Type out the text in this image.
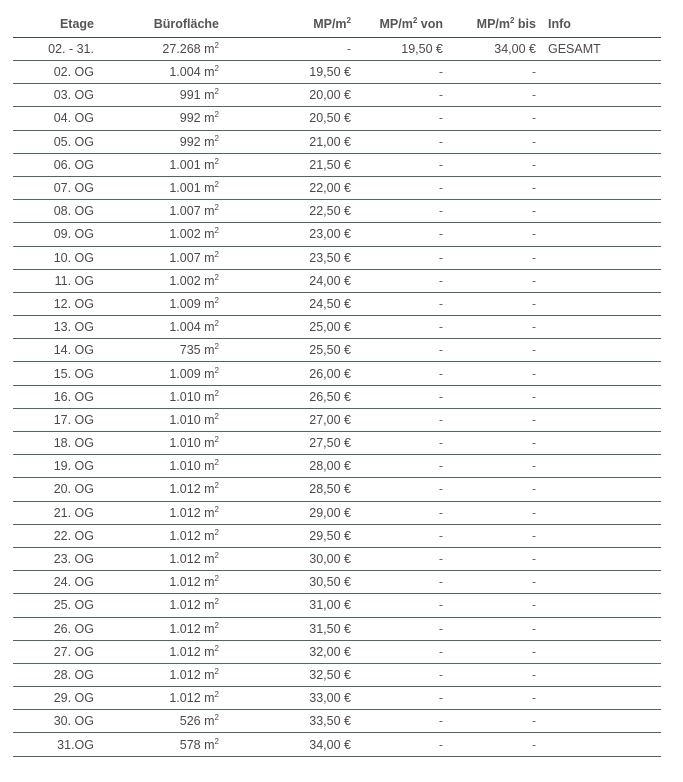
Etage	Bürofläche	$MP/m^2$	$MP/m^2$ von	$MP/m^2$ bis	Info
02. - 31.	27.268 $m^2$	-	19,50 €	34,00 €	GESAMT
02. OG	1.004 $m^2$	19,50 €	-	-	
03. OG	991 $m^2$	20,00 €	-	-	
04. OG	992 $m^2$	20,50 €	-	-	
05. OG	992 $m^2$	21,00 €	-	-	
06. OG	1.001 $m^2$	21,50 €	-	-	
07. OG	1.001 $m^2$	22,00 €	-	-	
08. OG	1.007 $m^2$	22,50 €	-	-	
09. OG	1.002 $m^2$	23,00 €	-	-	
10. OG	1.007 $m^2$	23,50 €	-	-	
11. OG	1.002 $m^2$	24,00 €	-	-	
12. OG	1.009 $m^2$	24,50 €	-	-	
13. OG	1.004 $m^2$	25,00 €	-	-	
14. OG	735 $m^2$	25,50 €	-	-	
15. OG	1.009 $m^2$	26,00 €	-	-	
16. OG	1.010 $m^2$	26,50 €	-	-	
17. OG	1.010 $m^2$	27,00 €	-	-	
18. OG	1.010 $m^2$	27,50 €	-	-	
19. OG	1.010 $m^2$	28,00 €	-	-	
20. OG	1.012 $m^2$	28,50 €	-	-	
21. OG	1.012 $m^2$	29,00 €	-	-	
22. OG	1.012 $m^2$	29,50 €	-	-	
23. OG	1.012 $m^2$	30,00 €	-	-	
24. OG	1.012 $m^2$	30,50 €	-	-	
25. OG	1.012 $m^2$	31,00 €	-	-	
26. OG	1.012 $m^2$	31,50 €	-	-	
27. OG	1.012 $m^2$	32,00 €	-	-	
28. OG	1.012 $m^2$	32,50 €	-	-	
29. OG	1.012 $m^2$	33,00 €	-	-	
30. OG	526 $m^2$	33,50 €	-	-	
31.OG	578 $m^2$	34,00 €	-	-	
